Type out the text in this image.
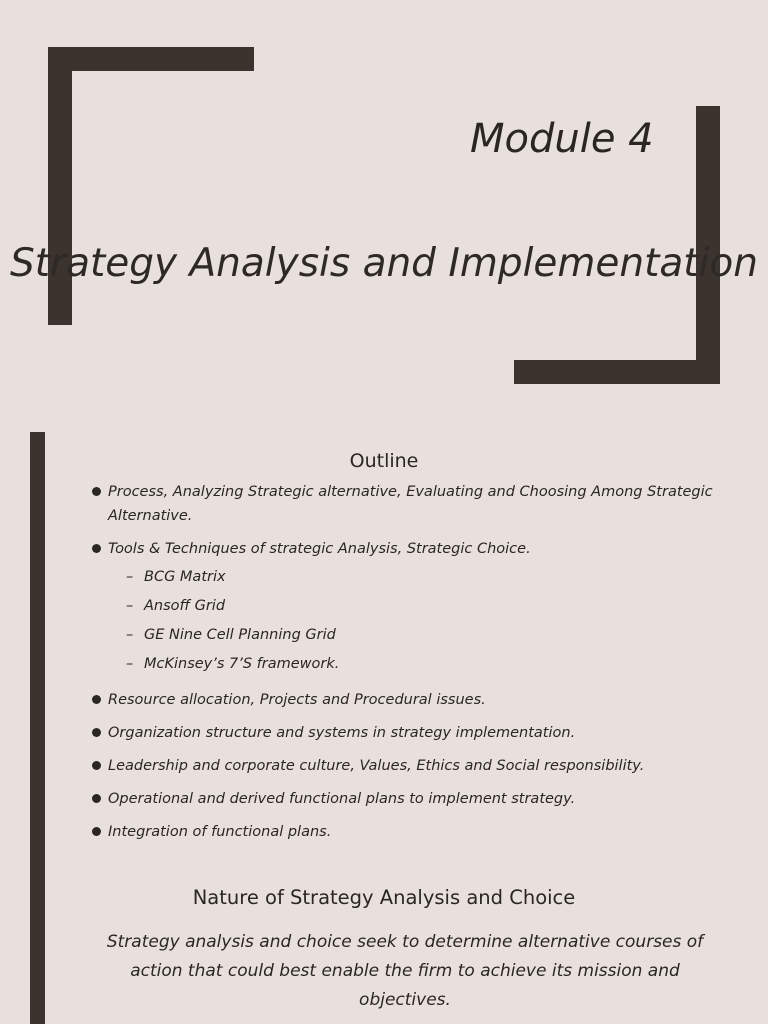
Module 4
Strategy Analysis and Implementation
Outline
Process, Analyzing Strategic alternative, Evaluating and Choosing Among Strategic Alternative.
Tools & Techniques of strategic Analysis, Strategic Choice.
– BCG Matrix
– Ansoff Grid
– GE Nine Cell Planning Grid
– McKinsey’s 7’S framework.
Resource allocation, Projects and Procedural issues.
Organization structure and systems in strategy implementation.
Leadership and corporate culture, Values, Ethics and Social responsibility.
Operational and derived functional plans to implement strategy.
Integration of functional plans.
Nature of Strategy Analysis and Choice
Strategy analysis and choice seek to determine alternative courses of action that could best enable the firm to achieve its mission and objectives.
